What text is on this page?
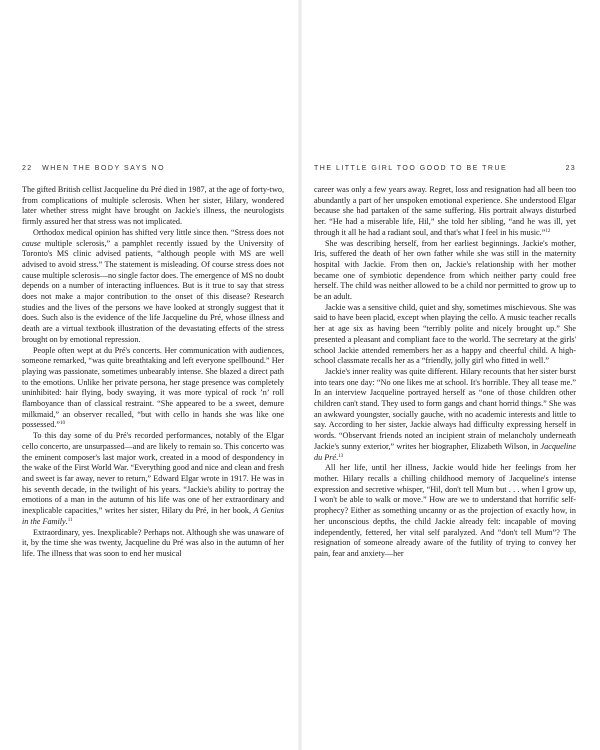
22 WHEN THE BODY SAYS NO

The gifted British cellist Jacqueline du Pré died in 1987, at the age of forty-two, from complications of multiple sclerosis. When her sister, Hilary, wondered later whether stress might have brought on Jackie's illness, the neurologists firmly assured her that stress was not implicated.

Orthodox medical opinion has shifted very little since then. “Stress does not cause multiple sclerosis,” a pamphlet recently issued by the University of Toronto's MS clinic advised patients, “although people with MS are well advised to avoid stress.” The statement is misleading. Of course stress does not cause multiple sclerosis—no single factor does. The emergence of MS no doubt depends on a number of interacting influences. But is it true to say that stress does not make a major contribution to the onset of this disease? Research studies and the lives of the persons we have looked at strongly suggest that it does. Such also is the evidence of the life Jacqueline du Pré, whose illness and death are a virtual textbook illustration of the devastating effects of the stress brought on by emotional repression.

People often wept at du Pré's concerts. Her communication with audiences, someone remarked, “was quite breathtaking and left everyone spellbound.” Her playing was passionate, sometimes unbearably intense. She blazed a direct path to the emotions. Unlike her private persona, her stage presence was completely uninhibited: hair flying, body swaying, it was more typical of rock ’n’ roll flamboyance than of classical restraint. “She appeared to be a sweet, demure milkmaid,” an observer recalled, “but with cello in hands she was like one possessed.”$^{10}$

To this day some of du Pré's recorded performances, notably of the Elgar cello concerto, are unsurpassed—and are likely to remain so. This concerto was the eminent composer's last major work, created in a mood of despondency in the wake of the First World War. “Everything good and nice and clean and fresh and sweet is far away, never to return,” Edward Elgar wrote in 1917. He was in his seventh decade, in the twilight of his years. “Jackie's ability to portray the emotions of a man in the autumn of his life was one of her extraordinary and inexplicable capacities,” writes her sister, Hilary du Pré, in her book, A Genius in the Family.$^{11}$

Extraordinary, yes. Inexplicable? Perhaps not. Although she was unaware of it, by the time she was twenty, Jacqueline du Pré was also in the autumn of her life. The illness that was soon to end her musical

THE LITTLE GIRL TOO GOOD TO BE TRUE	23

career was only a few years away. Regret, loss and resignation had all been too abundantly a part of her unspoken emotional experience. She understood Elgar because she had partaken of the same suffering. His portrait always disturbed her. “He had a miserable life, Hil,” she told her sibling, “and he was ill, yet through it all he had a radiant soul, and that's what I feel in his music.”$^{12}$

She was describing herself, from her earliest beginnings. Jackie's mother, Iris, suffered the death of her own father while she was still in the maternity hospital with Jackie. From then on, Jackie's relationship with her mother became one of symbiotic dependence from which neither party could free herself. The child was neither allowed to be a child nor permitted to grow up to be an adult.

Jackie was a sensitive child, quiet and shy, sometimes mischievous. She was said to have been placid, except when playing the cello. A music teacher recalls her at age six as having been “terribly polite and nicely brought up.” She presented a pleasant and compliant face to the world. The secretary at the girls' school Jackie attended remembers her as a happy and cheerful child. A high-school classmate recalls her as a “friendly, jolly girl who fitted in well.”

Jackie's inner reality was quite different. Hilary recounts that her sister burst into tears one day: “No one likes me at school. It's horrible. They all tease me.” In an interview Jacqueline portrayed herself as “one of those children other children can't stand. They used to form gangs and chant horrid things.” She was an awkward youngster, socially gauche, with no academic interests and little to say. According to her sister, Jackie always had difficulty expressing herself in words. “Observant friends noted an incipient strain of melancholy underneath Jackie's sunny exterior,” writes her biographer, Elizabeth Wilson, in Jacqueline du Pré.$^{13}$

All her life, until her illness, Jackie would hide her feelings from her mother. Hilary recalls a chilling childhood memory of Jacqueline's intense expression and secretive whisper, “Hil, don't tell Mum but . . . when I grow up, I won't be able to walk or move.” How are we to understand that horrific self-prophecy? Either as something uncanny or as the projection of exactly how, in her unconscious depths, the child Jackie already felt: incapable of moving independently, fettered, her vital self paralyzed. And “don't tell Mum”? The resignation of someone already aware of the futility of trying to convey her pain, fear and anxiety—her
